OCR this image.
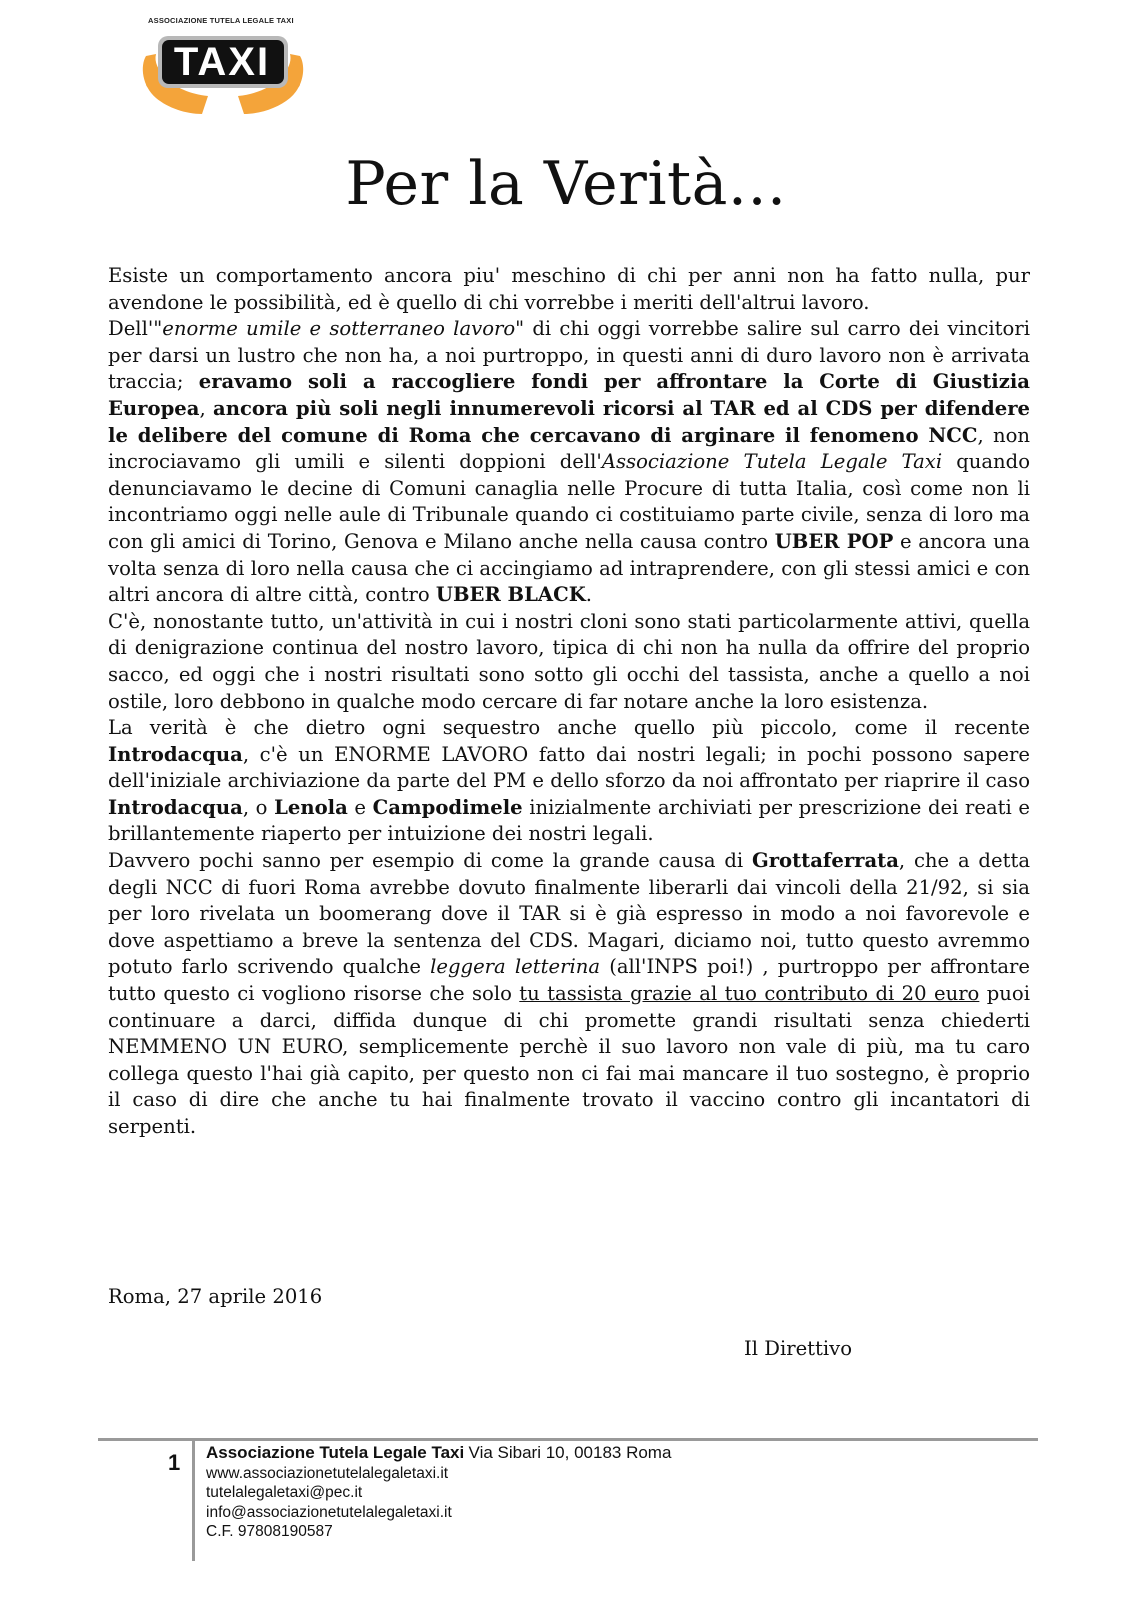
ASSOCIAZIONE TUTELA LEGALE TAXI
TAXI
Per la Verità...

Esiste un comportamento ancora piu' meschino di chi per anni non ha fatto nulla, pur avendone le possibilità, ed è quello di chi vorrebbe i meriti dell'altrui lavoro.

Dell'"enorme umile e sotterraneo lavoro" di chi oggi vorrebbe salire sul carro dei vincitori per darsi un lustro che non ha, a noi purtroppo, in questi anni di duro lavoro non è arrivata traccia; eravamo soli a raccogliere fondi per affrontare la Corte di Giustizia Europea, ancora più soli negli innumerevoli ricorsi al TAR ed al CDS per difendere le delibere del comune di Roma che cercavano di arginare il fenomeno NCC, non incrociavamo gli umili e silenti doppioni dell'Associazione Tutela Legale Taxi quando denunciavamo le decine di Comuni canaglia nelle Procure di tutta Italia, così come non li incontriamo oggi nelle aule di Tribunale quando ci costituiamo parte civile, senza di loro ma con gli amici di Torino, Genova e Milano anche nella causa contro UBER POP e ancora una volta senza di loro nella causa che ci accingiamo ad intraprendere, con gli stessi amici e con altri ancora di altre città, contro UBER BLACK.

C'è, nonostante tutto, un'attività in cui i nostri cloni sono stati particolarmente attivi, quella di denigrazione continua del nostro lavoro, tipica di chi non ha nulla da offrire del proprio sacco, ed oggi che i nostri risultati sono sotto gli occhi del tassista, anche a quello a noi ostile, loro debbono in qualche modo cercare di far notare anche la loro esistenza.

La verità è che dietro ogni sequestro anche quello più piccolo, come il recente Introdacqua, c'è un ENORME LAVORO fatto dai nostri legali; in pochi possono sapere dell'iniziale archiviazione da parte del PM e dello sforzo da noi affrontato per riaprire il caso Introdacqua, o Lenola e Campodimele inizialmente archiviati per prescrizione dei reati e brillantemente riaperto per intuizione dei nostri legali.

Davvero pochi sanno per esempio di come la grande causa di Grottaferrata, che a detta degli NCC di fuori Roma avrebbe dovuto finalmente liberarli dai vincoli della 21/92, si sia per loro rivelata un boomerang dove il TAR si è già espresso in modo a noi favorevole e dove aspettiamo a breve la sentenza del CDS. Magari, diciamo noi, tutto questo avremmo potuto farlo scrivendo qualche leggera letterina (all'INPS poi!) , purtroppo per affrontare tutto questo ci vogliono risorse che solo tu tassista grazie al tuo contributo di 20 euro puoi continuare a darci, diffida dunque di chi promette grandi risultati senza chiederti NEMMENO UN EURO, semplicemente perchè il suo lavoro non vale di più, ma tu caro collega questo l'hai già capito, per questo non ci fai mai mancare il tuo sostegno, è proprio il caso di dire che anche tu hai finalmente trovato il vaccino contro gli incantatori di serpenti.

Roma, 27 aprile 2016
Il Direttivo
1 Associazione Tutela Legale Taxi Via Sibari 10, 00183 Roma
www.associazionetutelalegaletaxi.it
tutelalegaletaxi@pec.it
info@associazionetutelalegaletaxi.it
C.F. 97808190587
